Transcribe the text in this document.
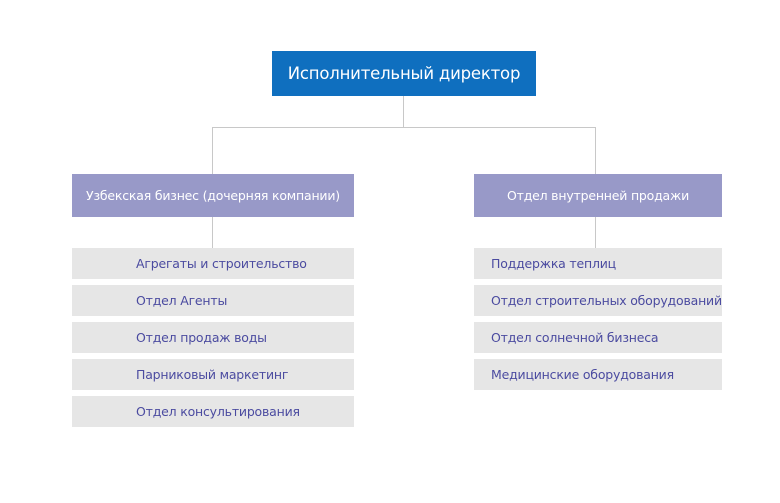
Исполнительный директор
Узбекская бизнес (дочерняя компании)	Отдел внутренней продажи
Агрегаты и строительство
Отдел Агенты
Отдел продаж воды
Парниковый маркетинг
Отдел консультирования
Поддержка теплиц
Отдел строительных оборудований
Отдел солнечной бизнеса
Медицинские оборудования
